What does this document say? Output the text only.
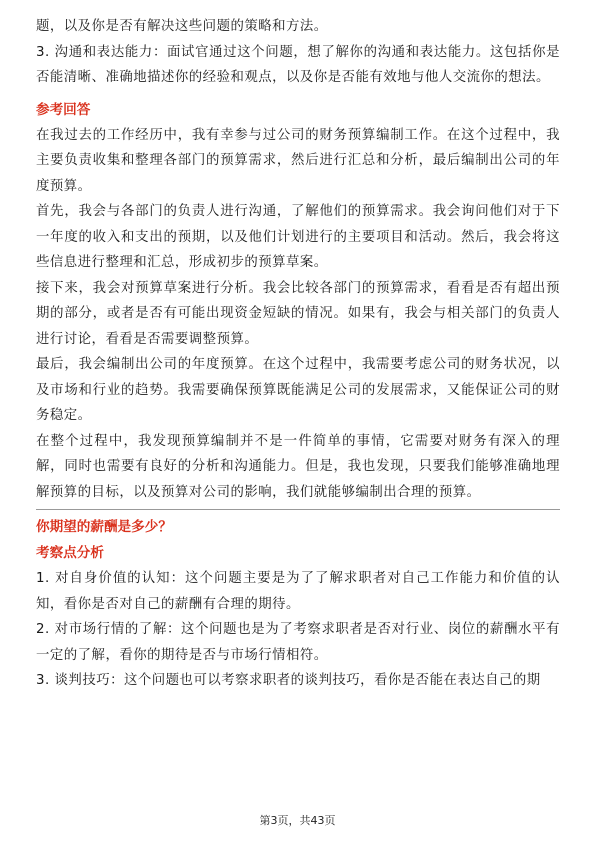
题，以及你是否有解决这些问题的策略和方法。

3. 沟通和表达能力：面试官通过这个问题，想了解你的沟通和表达能力。这包括你是否能清晰、准确地描述你的经验和观点，以及你是否能有效地与他人交流你的想法。

参考回答

在我过去的工作经历中，我有幸参与过公司的财务预算编制工作。在这个过程中，我主要负责收集和整理各部门的预算需求，然后进行汇总和分析，最后编制出公司的年度预算。

首先，我会与各部门的负责人进行沟通，了解他们的预算需求。我会询问他们对于下一年度的收入和支出的预期，以及他们计划进行的主要项目和活动。然后，我会将这些信息进行整理和汇总，形成初步的预算草案。

接下来，我会对预算草案进行分析。我会比较各部门的预算需求，看看是否有超出预期的部分，或者是否有可能出现资金短缺的情况。如果有，我会与相关部门的负责人进行讨论，看看是否需要调整预算。

最后，我会编制出公司的年度预算。在这个过程中，我需要考虑公司的财务状况，以及市场和行业的趋势。我需要确保预算既能满足公司的发展需求，又能保证公司的财务稳定。

在整个过程中，我发现预算编制并不是一件简单的事情，它需要对财务有深入的理解，同时也需要有良好的分析和沟通能力。但是，我也发现，只要我们能够准确地理解预算的目标，以及预算对公司的影响，我们就能够编制出合理的预算。

你期望的薪酬是多少？
考察点分析

1. 对自身价值的认知：这个问题主要是为了了解求职者对自己工作能力和价值的认知，看你是否对自己的薪酬有合理的期待。

2. 对市场行情的了解：这个问题也是为了考察求职者是否对行业、岗位的薪酬水平有一定的了解，看你的期待是否与市场行情相符。

3. 谈判技巧：这个问题也可以考察求职者的谈判技巧，看你是否能在表达自己的期

第3页，共43页
